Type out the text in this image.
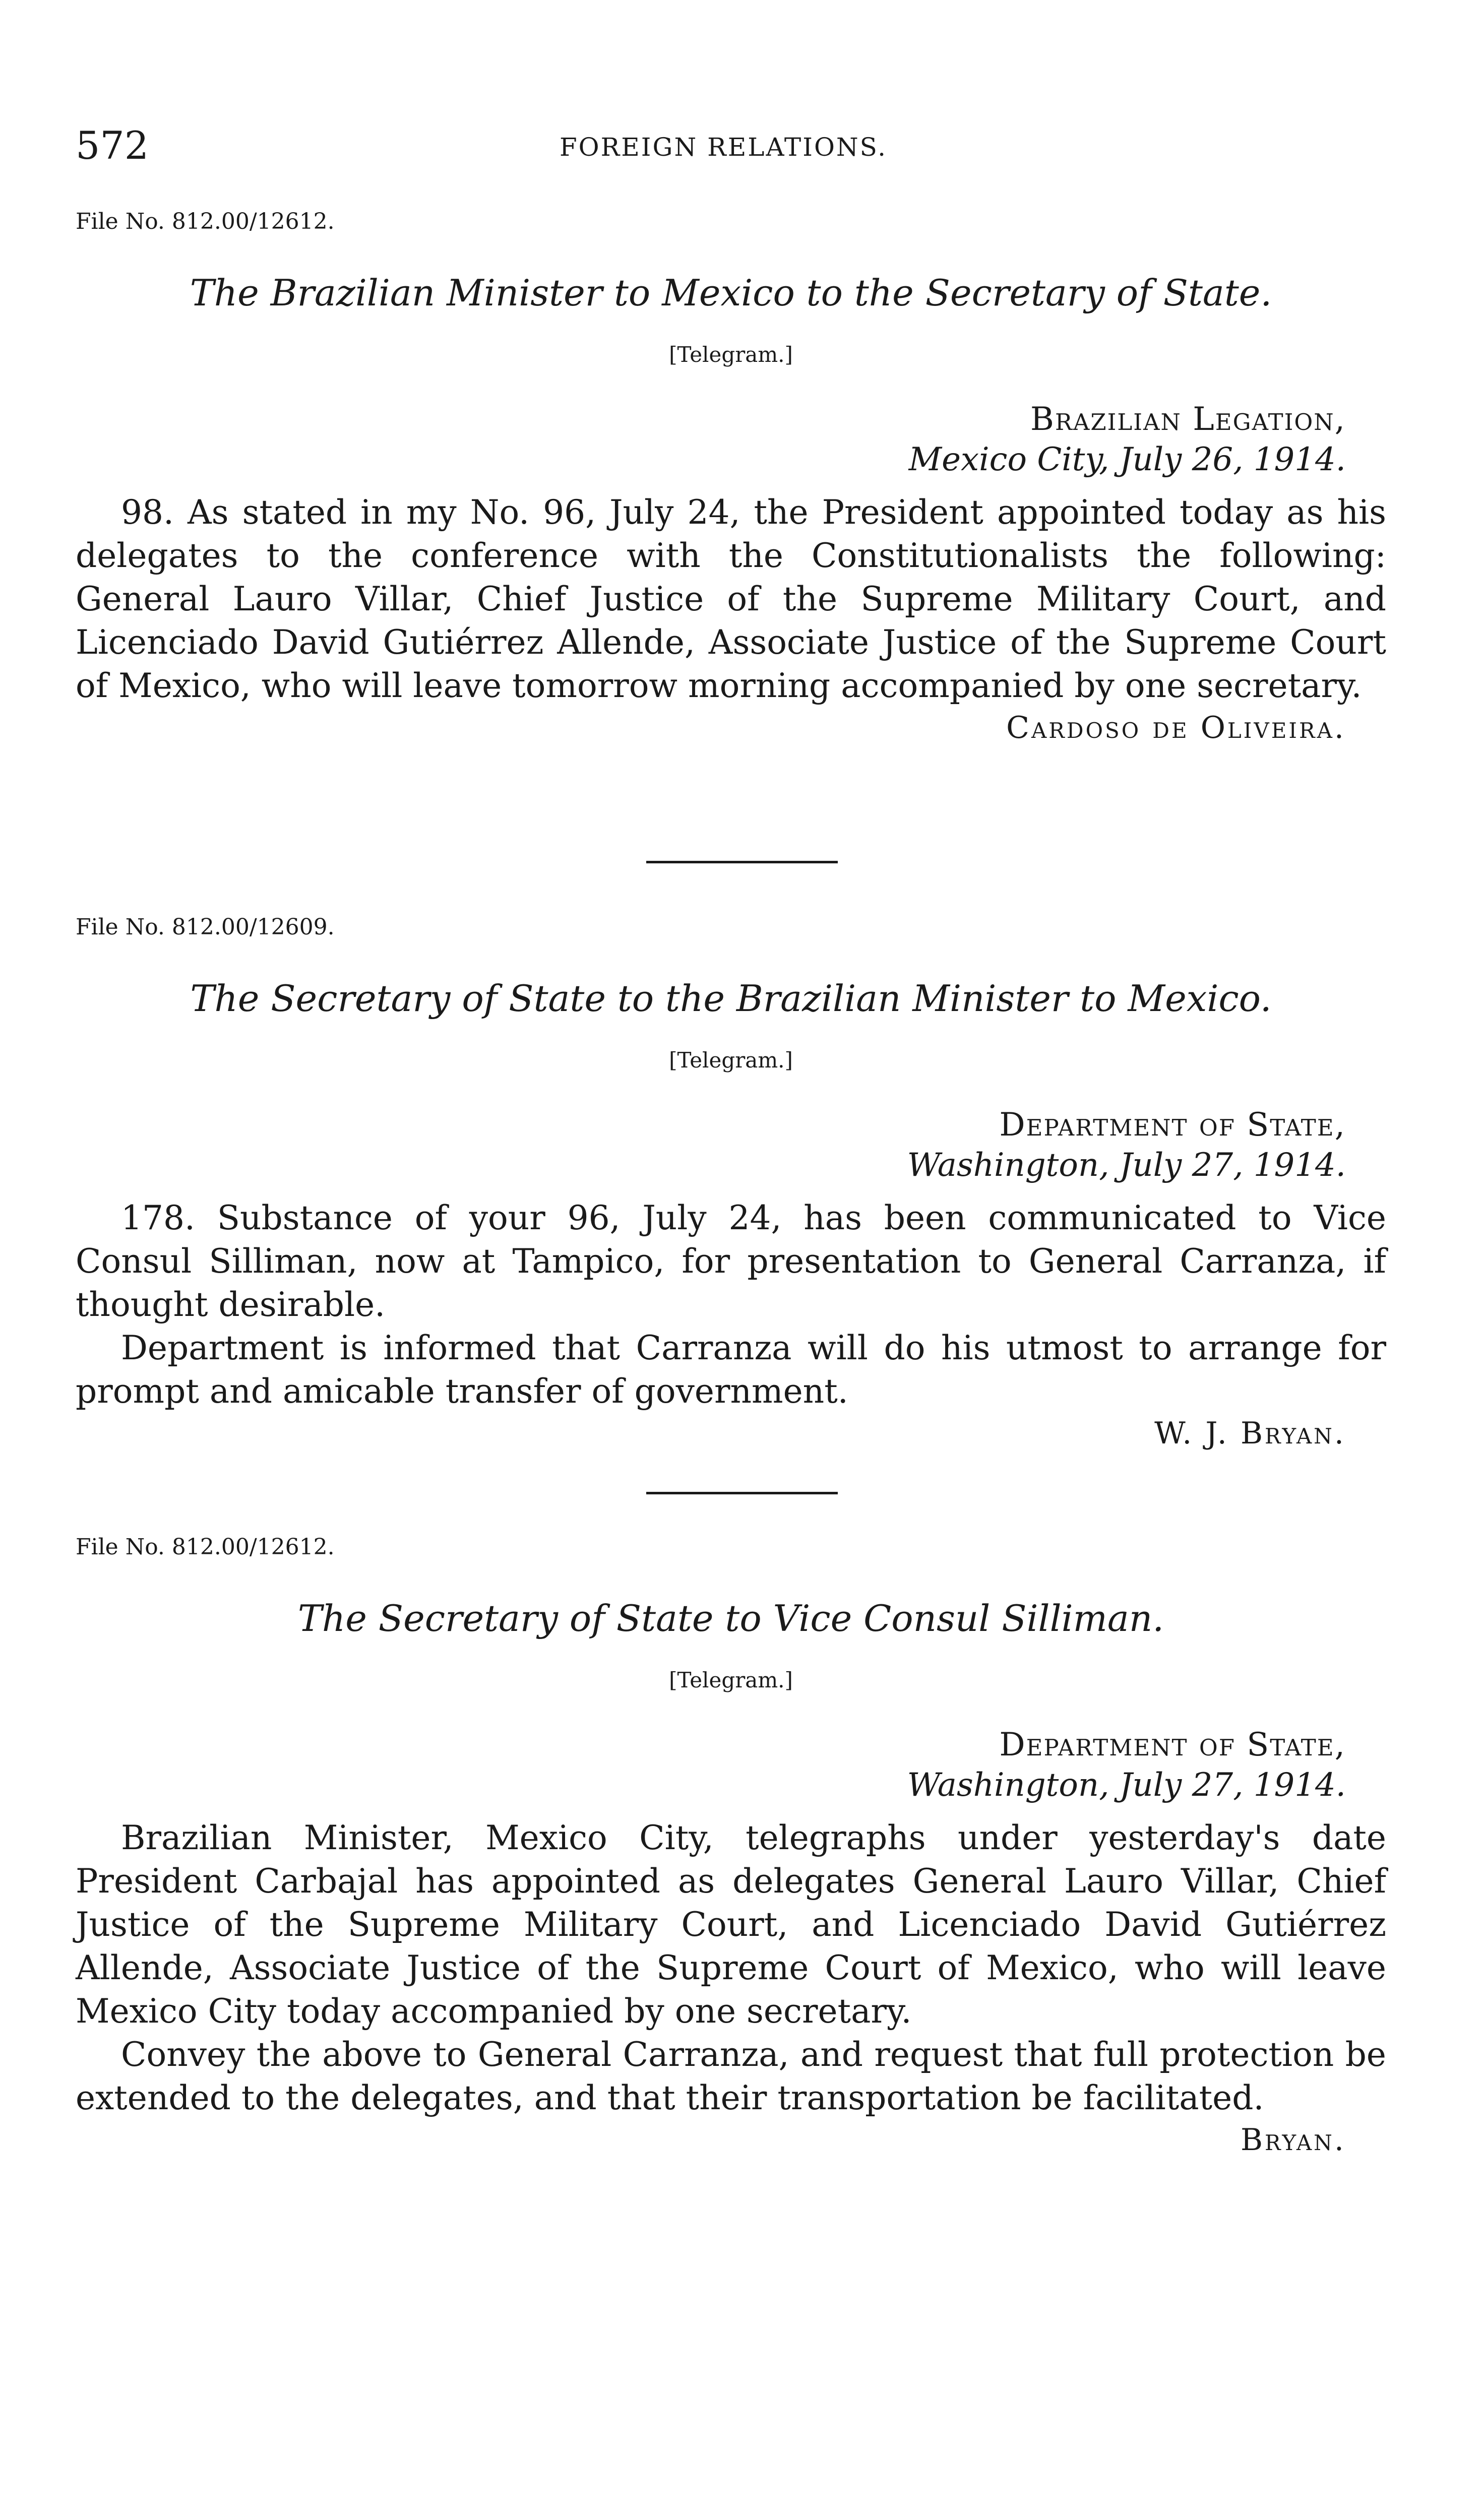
572	FOREIGN RELATIONS.

File No. 812.00/12612.

The Brazilian Minister to Mexico to the Secretary of State.

[Telegram.]

Brazilian Legation,

Mexico City, July 26, 1914.

98. As stated in my No. 96, July 24, the President appointed today as his delegates to the conference with the Constitutionalists the following: General Lauro Villar, Chief Justice of the Supreme Military Court, and Licenciado David Gutiérrez Allende, Associate Justice of the Supreme Court of Mexico, who will leave tomorrow morning accompanied by one secretary.

Cardoso de Oliveira.

File No. 812.00/12609.

The Secretary of State to the Brazilian Minister to Mexico.

[Telegram.]

Department of State,

Washington, July 27, 1914.

178. Substance of your 96, July 24, has been communicated to Vice Consul Silliman, now at Tampico, for presentation to General Carranza, if thought desirable.

Department is informed that Carranza will do his utmost to arrange for prompt and amicable transfer of government.

W. J. Bryan.

File No. 812.00/12612.

The Secretary of State to Vice Consul Silliman.

[Telegram.]

Department of State,

Washington, July 27, 1914.

Brazilian Minister, Mexico City, telegraphs under yesterday's date President Carbajal has appointed as delegates General Lauro Villar, Chief Justice of the Supreme Military Court, and Licenciado David Gutiérrez Allende, Associate Justice of the Supreme Court of Mexico, who will leave Mexico City today accompanied by one secretary.

Convey the above to General Carranza, and request that full protection be extended to the delegates, and that their transportation be facilitated.

Bryan.
